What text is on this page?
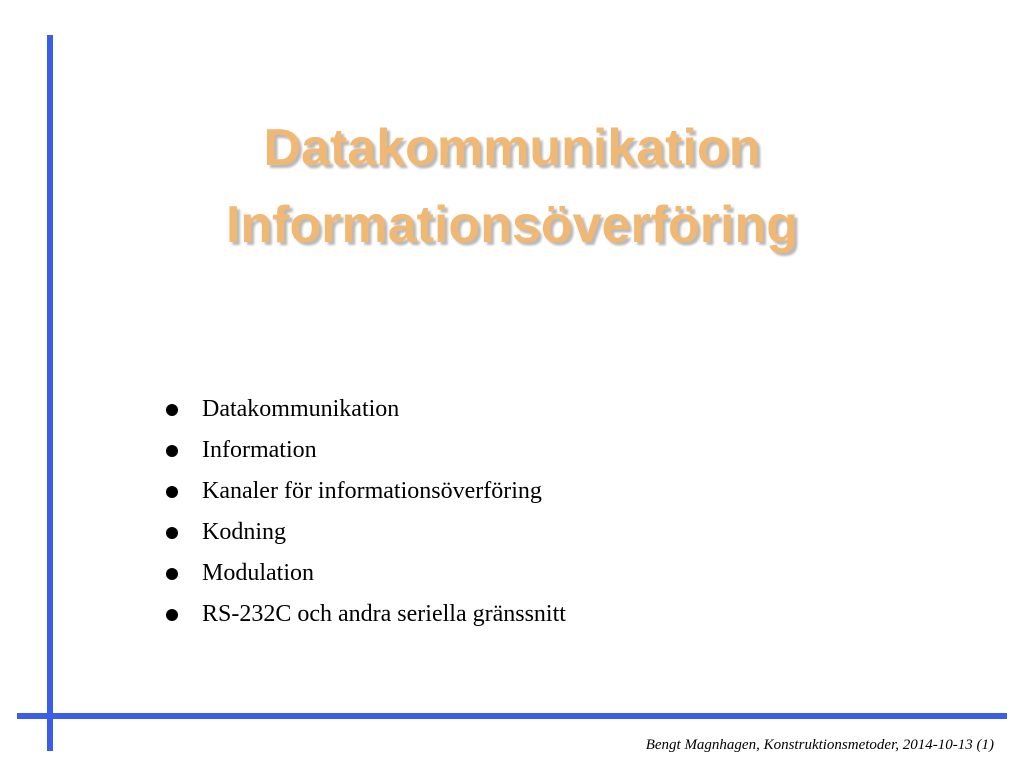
Datakommunikation
Informationsöverföring
Datakommunikation
Information
Kanaler för informationsöverföring
Kodning
Modulation
RS-232C och andra seriella gränssnitt
Bengt Magnhagen, Konstruktionsmetoder, 2014-10-13 (1)
